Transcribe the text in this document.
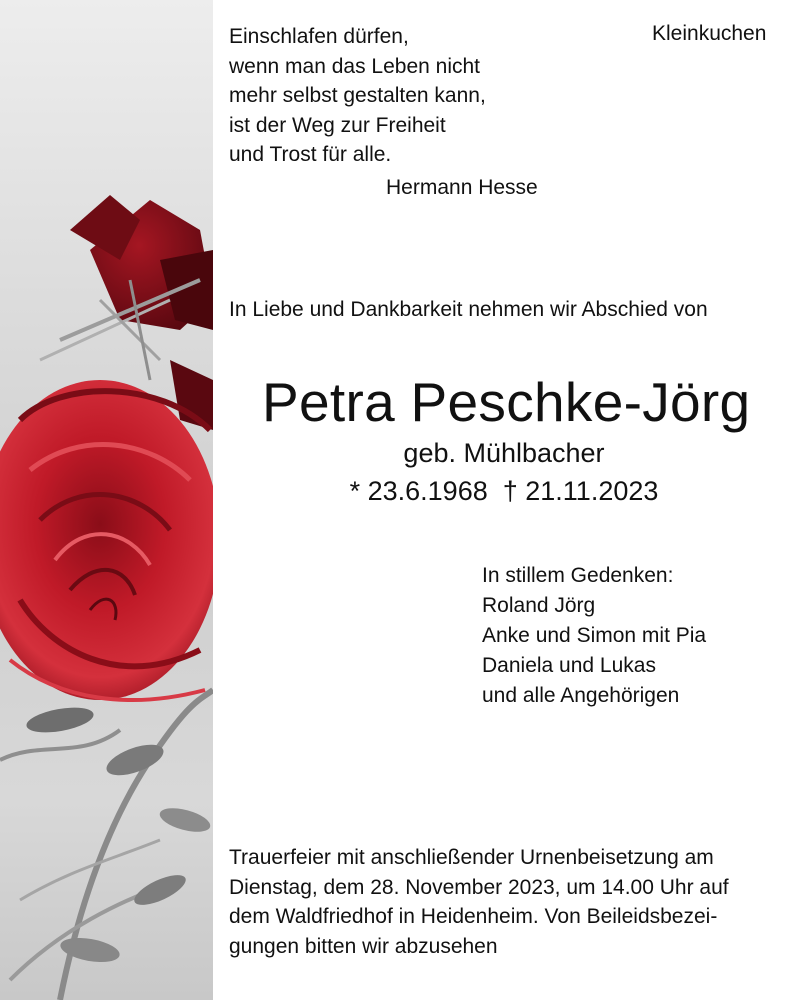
Kleinkuchen
Einschlafen dürfen,
wenn man das Leben nicht
mehr selbst gestalten kann,
ist der Weg zur Freiheit
und Trost für alle.
Hermann Hesse
In Liebe und Dankbarkeit nehmen wir Abschied von
Petra Peschke-Jörg
geb. Mühlbacher
* 23.6.1968  † 21.11.2023
In stillem Gedenken:
Roland Jörg
Anke und Simon mit Pia
Daniela und Lukas
und alle Angehörigen
Trauerfeier mit anschließender Urnenbeisetzung am
Dienstag, dem 28. November 2023, um 14.00 Uhr auf
dem Waldfriedhof in Heidenheim. Von Beileidsbezei-
gungen bitten wir abzusehen
